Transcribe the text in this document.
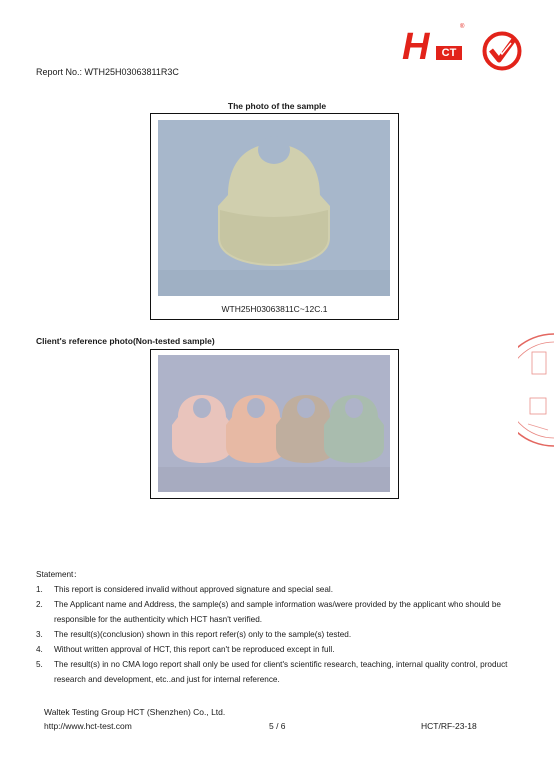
H	CT
®
Report No.: WTH25H03063811R3C
The photo of the sample
WTH25H03063811C~12C.1
Client's reference photo(Non-tested sample)
Statement：
1.	This report is considered invalid without approved signature and special seal.
2.	The Applicant name and Address, the sample(s) and sample information was/were provided by the applicant who should be responsible for the authenticity which HCT hasn't verified.
3.	The result(s)(conclusion) shown in this report refer(s) only to the sample(s) tested.
4.	Without written approval of HCT, this report can't be reproduced except in full.
5.	The result(s) in no CMA logo report shall only be used for client's scientific research, teaching, internal quality control, product research and development, etc..and just for internal reference.
Waltek Testing Group HCT (Shenzhen) Co., Ltd.
http://www.hct-test.com	5 / 6	HCT/RF-23-18
